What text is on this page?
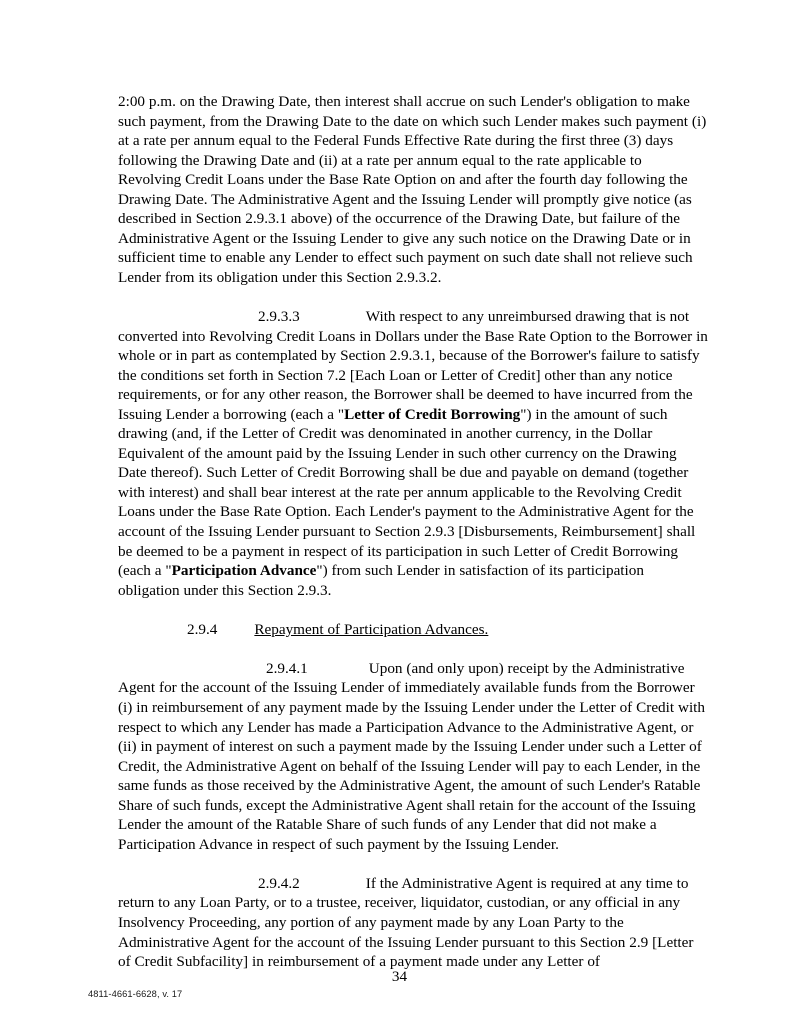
2:00 p.m. on the Drawing Date, then interest shall accrue on such Lender's obligation to make such payment, from the Drawing Date to the date on which such Lender makes such payment (i) at a rate per annum equal to the Federal Funds Effective Rate during the first three (3) days following the Drawing Date and (ii) at a rate per annum equal to the rate applicable to Revolving Credit Loans under the Base Rate Option on and after the fourth day following the Drawing Date. The Administrative Agent and the Issuing Lender will promptly give notice (as described in Section 2.9.3.1 above) of the occurrence of the Drawing Date, but failure of the Administrative Agent or the Issuing Lender to give any such notice on the Drawing Date or in sufficient time to enable any Lender to effect such payment on such date shall not relieve such Lender from its obligation under this Section 2.9.3.2.

2.9.3.3	With respect to any unreimbursed drawing that is not converted into Revolving Credit Loans in Dollars under the Base Rate Option to the Borrower in whole or in part as contemplated by Section 2.9.3.1, because of the Borrower's failure to satisfy the conditions set forth in Section 7.2 [Each Loan or Letter of Credit] other than any notice requirements, or for any other reason, the Borrower shall be deemed to have incurred from the Issuing Lender a borrowing (each a "Letter of Credit Borrowing") in the amount of such drawing (and, if the Letter of Credit was denominated in another currency, in the Dollar Equivalent of the amount paid by the Issuing Lender in such other currency on the Drawing Date thereof). Such Letter of Credit Borrowing shall be due and payable on demand (together with interest) and shall bear interest at the rate per annum applicable to the Revolving Credit Loans under the Base Rate Option. Each Lender's payment to the Administrative Agent for the account of the Issuing Lender pursuant to Section 2.9.3 [Disbursements, Reimbursement] shall be deemed to be a payment in respect of its participation in such Letter of Credit Borrowing (each a "Participation Advance") from such Lender in satisfaction of its participation obligation under this Section 2.9.3.

2.9.4 Repayment of Participation Advances.

2.9.4.1	Upon (and only upon) receipt by the Administrative Agent for the account of the Issuing Lender of immediately available funds from the Borrower (i) in reimbursement of any payment made by the Issuing Lender under the Letter of Credit with respect to which any Lender has made a Participation Advance to the Administrative Agent, or (ii) in payment of interest on such a payment made by the Issuing Lender under such a Letter of Credit, the Administrative Agent on behalf of the Issuing Lender will pay to each Lender, in the same funds as those received by the Administrative Agent, the amount of such Lender's Ratable Share of such funds, except the Administrative Agent shall retain for the account of the Issuing Lender the amount of the Ratable Share of such funds of any Lender that did not make a Participation Advance in respect of such payment by the Issuing Lender.

2.9.4.2	If the Administrative Agent is required at any time to return to any Loan Party, or to a trustee, receiver, liquidator, custodian, or any official in any Insolvency Proceeding, any portion of any payment made by any Loan Party to the Administrative Agent for the account of the Issuing Lender pursuant to this Section 2.9 [Letter of Credit Subfacility] in reimbursement of a payment made under any Letter of

34
4811-4661-6628, v. 17
